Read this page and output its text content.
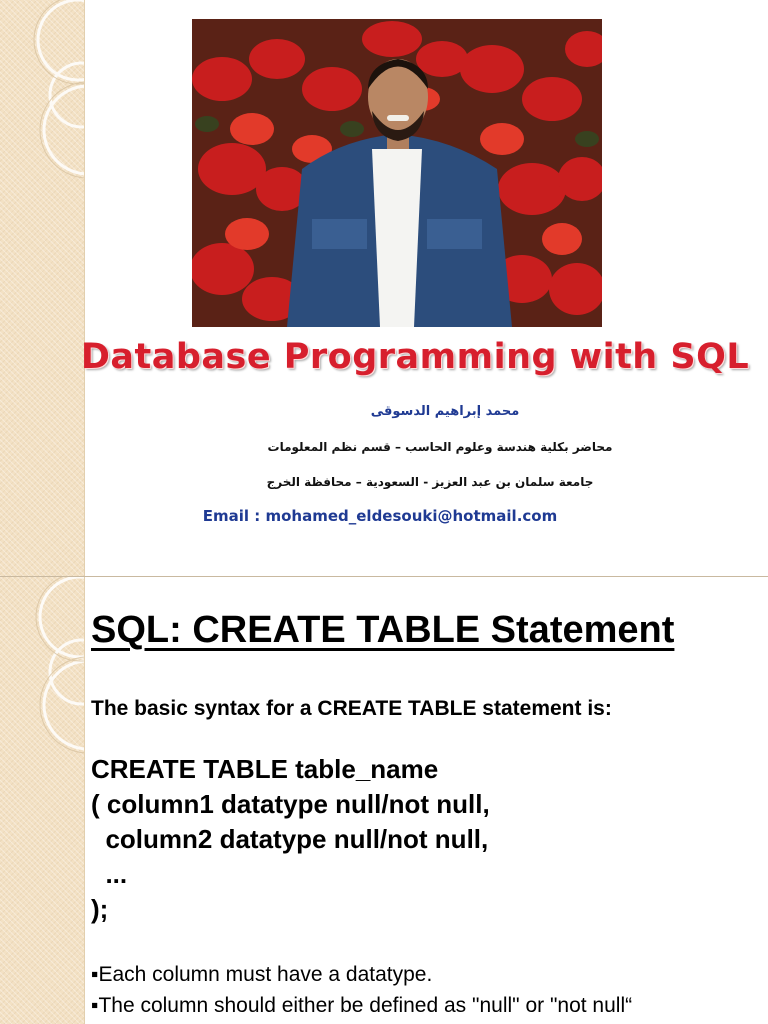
Database Programming with SQL
محمد إبراهيم الدسوقى
محاضر بكلية هندسة وعلوم الحاسب – قسم نظم المعلومات
جامعة سلمان بن عبد العزيز - السعودية – محافظة الخرج
Email : mohamed_eldesouki@hotmail.com
SQL: CREATE TABLE Statement
The basic syntax for a CREATE TABLE statement is:
CREATE TABLE table_name
( column1 datatype null/not null,
column2 datatype null/not null,
...
);
▪Each column must have a datatype.
▪The column should either be defined as "null" or "not null“
